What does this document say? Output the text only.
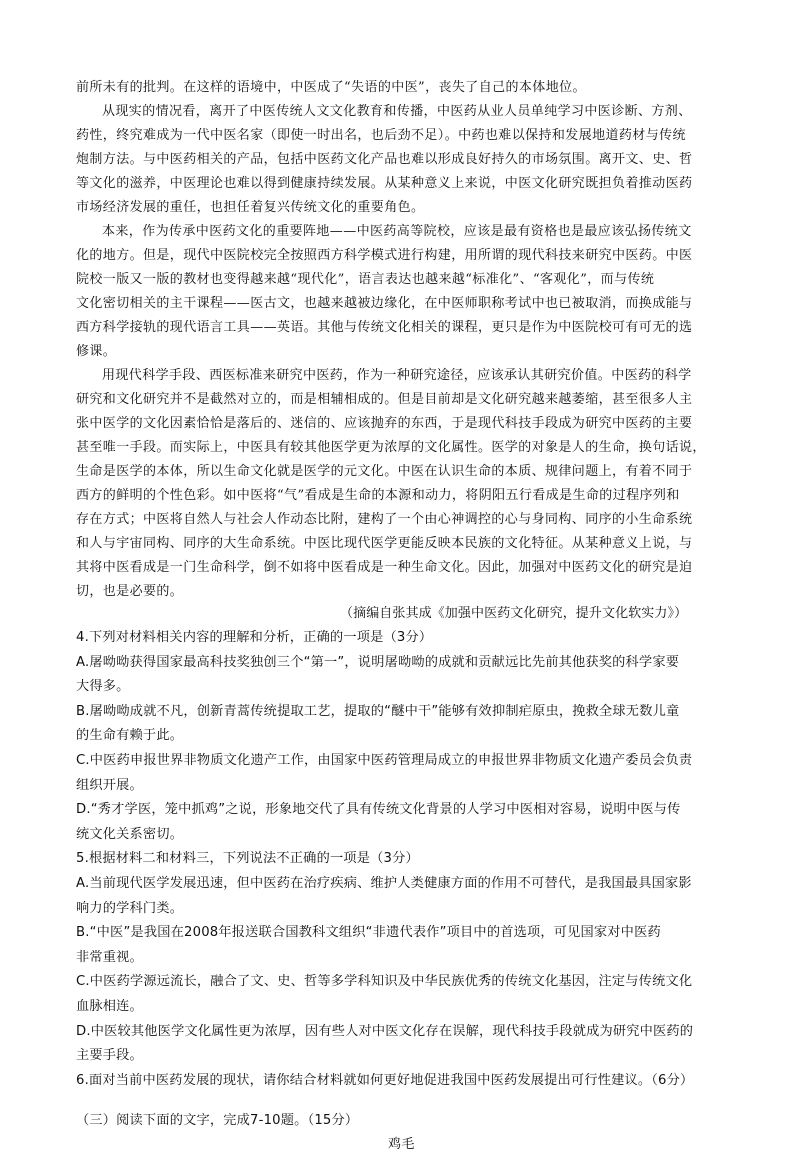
前所未有的批判。在这样的语境中，中医成了“失语的中医”，丧失了自己的本体地位。
从现实的情况看，离开了中医传统人文文化教育和传播，中医药从业人员单纯学习中医诊断、方剂、
药性，终究难成为一代中医名家（即使一时出名，也后劲不足）。中药也难以保持和发展地道药材与传统
炮制方法。与中医药相关的产品，包括中医药文化产品也难以形成良好持久的市场氛围。离开文、史、哲
等文化的滋养，中医理论也难以得到健康持续发展。从某种意义上来说，中医文化研究既担负着推动医药
市场经济发展的重任，也担任着复兴传统文化的重要角色。
本来，作为传承中医药文化的重要阵地——中医药高等院校，应该是最有资格也是最应该弘扬传统文
化的地方。但是，现代中医院校完全按照西方科学模式进行构建，用所谓的现代科技来研究中医药。中医
院校一版又一版的教材也变得越来越“现代化”，语言表达也越来越“标准化”、“客观化”，而与传统
文化密切相关的主干课程——医古文，也越来越被边缘化，在中医师职称考试中也已被取消，而换成能与
西方科学接轨的现代语言工具——英语。其他与传统文化相关的课程，更只是作为中医院校可有可无的选
修课。
用现代科学手段、西医标准来研究中医药，作为一种研究途径，应该承认其研究价值。中医药的科学
研究和文化研究并不是截然对立的，而是相辅相成的。但是目前却是文化研究越来越萎缩，甚至很多人主
张中医学的文化因素恰恰是落后的、迷信的、应该抛弃的东西，于是现代科技手段成为研究中医药的主要
甚至唯一手段。而实际上，中医具有较其他医学更为浓厚的文化属性。医学的对象是人的生命，换句话说，
生命是医学的本体，所以生命文化就是医学的元文化。中医在认识生命的本质、规律问题上，有着不同于
西方的鲜明的个性色彩。如中医将“气”看成是生命的本源和动力，将阴阳五行看成是生命的过程序列和
存在方式；中医将自然人与社会人作动态比附，建构了一个由心神调控的心与身同构、同序的小生命系统
和人与宇宙同构、同序的大生命系统。中医比现代医学更能反映本民族的文化特征。从某种意义上说，与
其将中医看成是一门生命科学，倒不如将中医看成是一种生命文化。因此，加强对中医药文化的研究是迫
切，也是必要的。
（摘编自张其成《加强中医药文化研究，提升文化软实力》）
4.下列对材料相关内容的理解和分析，正确的一项是（3分）
A.屠呦呦获得国家最高科技奖独创三个“第一”，说明屠呦呦的成就和贡献远比先前其他获奖的科学家要
大得多。
B.屠呦呦成就不凡，创新青蒿传统提取工艺，提取的“醚中干”能够有效抑制疟原虫，挽救全球无数儿童
的生命有赖于此。
C.中医药申报世界非物质文化遗产工作，由国家中医药管理局成立的申报世界非物质文化遗产委员会负责
组织开展。
D.“秀才学医，笼中抓鸡”之说，形象地交代了具有传统文化背景的人学习中医相对容易，说明中医与传
统文化关系密切。
5.根据材料二和材料三，下列说法不正确的一项是（3分）
A.当前现代医学发展迅速，但中医药在治疗疾病、维护人类健康方面的作用不可替代，是我国最具国家影
响力的学科门类。
B.“中医”是我国在2008年报送联合国教科文组织“非遗代表作”项目中的首选项，可见国家对中医药
非常重视。
C.中医药学源远流长，融合了文、史、哲等多学科知识及中华民族优秀的传统文化基因，注定与传统文化
血脉相连。
D.中医较其他医学文化属性更为浓厚，因有些人对中医文化存在误解，现代科技手段就成为研究中医药的
主要手段。
6.面对当前中医药发展的现状，请你结合材料就如何更好地促进我国中医药发展提出可行性建议。（6分）
（三）阅读下面的文字，完成7-10题。（15分）
鸡毛
